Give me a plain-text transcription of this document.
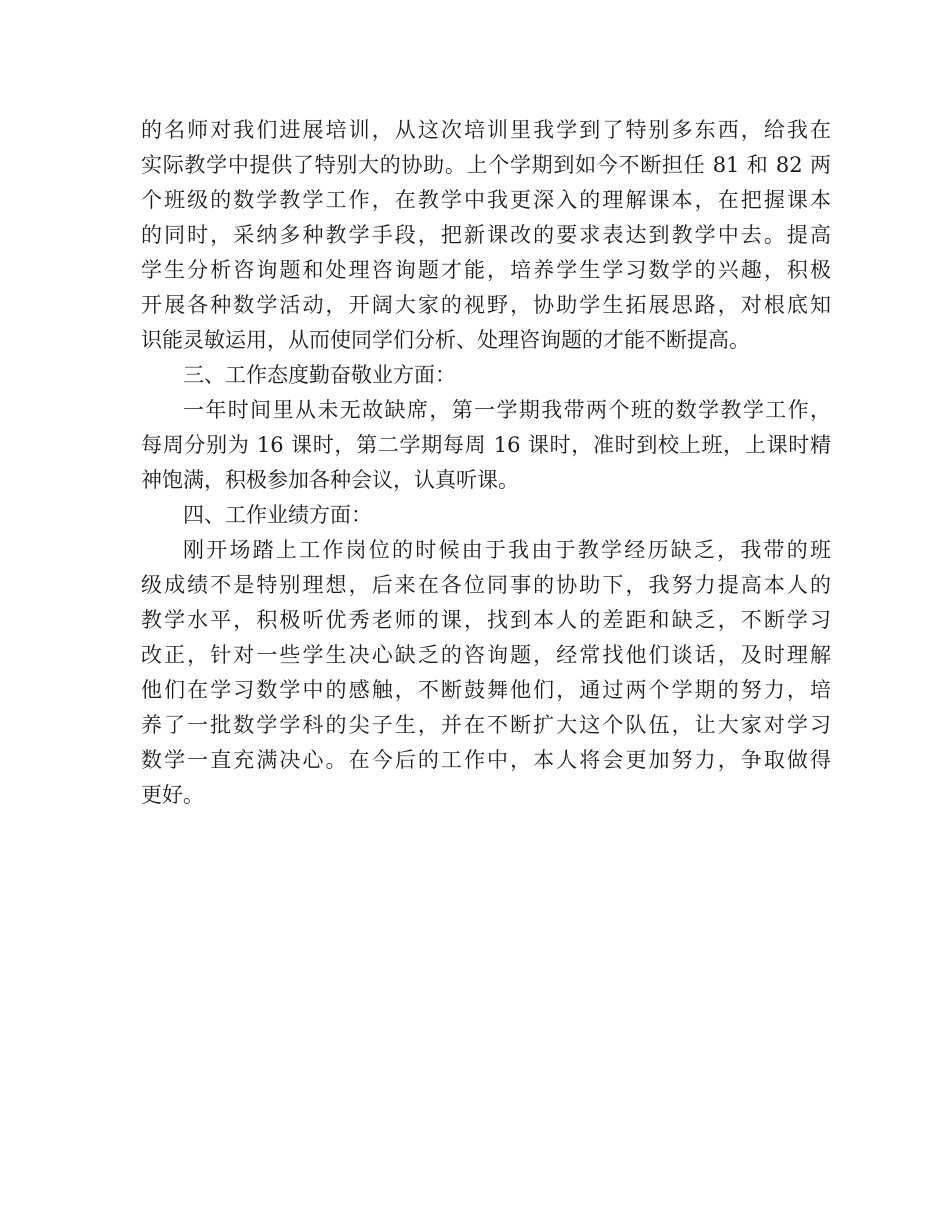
的名师对我们进展培训，从这次培训里我学到了特别多东西，给我在
实际教学中提供了特别大的协助。上个学期到如今不断担任 81 和 82 两
个班级的数学教学工作，在教学中我更深入的理解课本，在把握课本
的同时，采纳多种教学手段，把新课改的要求表达到教学中去。提高
学生分析咨询题和处理咨询题才能，培养学生学习数学的兴趣，积极
开展各种数学活动，开阔大家的视野，协助学生拓展思路，对根底知
识能灵敏运用，从而使同学们分析、处理咨询题的才能不断提高。
三、工作态度勤奋敬业方面：
一年时间里从未无故缺席，第一学期我带两个班的数学教学工作，
每周分别为 16 课时，第二学期每周 16 课时，准时到校上班，上课时精
神饱满，积极参加各种会议，认真听课。
四、工作业绩方面：
刚开场踏上工作岗位的时候由于我由于教学经历缺乏，我带的班
级成绩不是特别理想，后来在各位同事的协助下，我努力提高本人的
教学水平，积极听优秀老师的课，找到本人的差距和缺乏，不断学习
改正，针对一些学生决心缺乏的咨询题，经常找他们谈话，及时理解
他们在学习数学中的感触，不断鼓舞他们，通过两个学期的努力，培
养了一批数学学科的尖子生，并在不断扩大这个队伍，让大家对学习
数学一直充满决心。在今后的工作中，本人将会更加努力，争取做得
更好。
